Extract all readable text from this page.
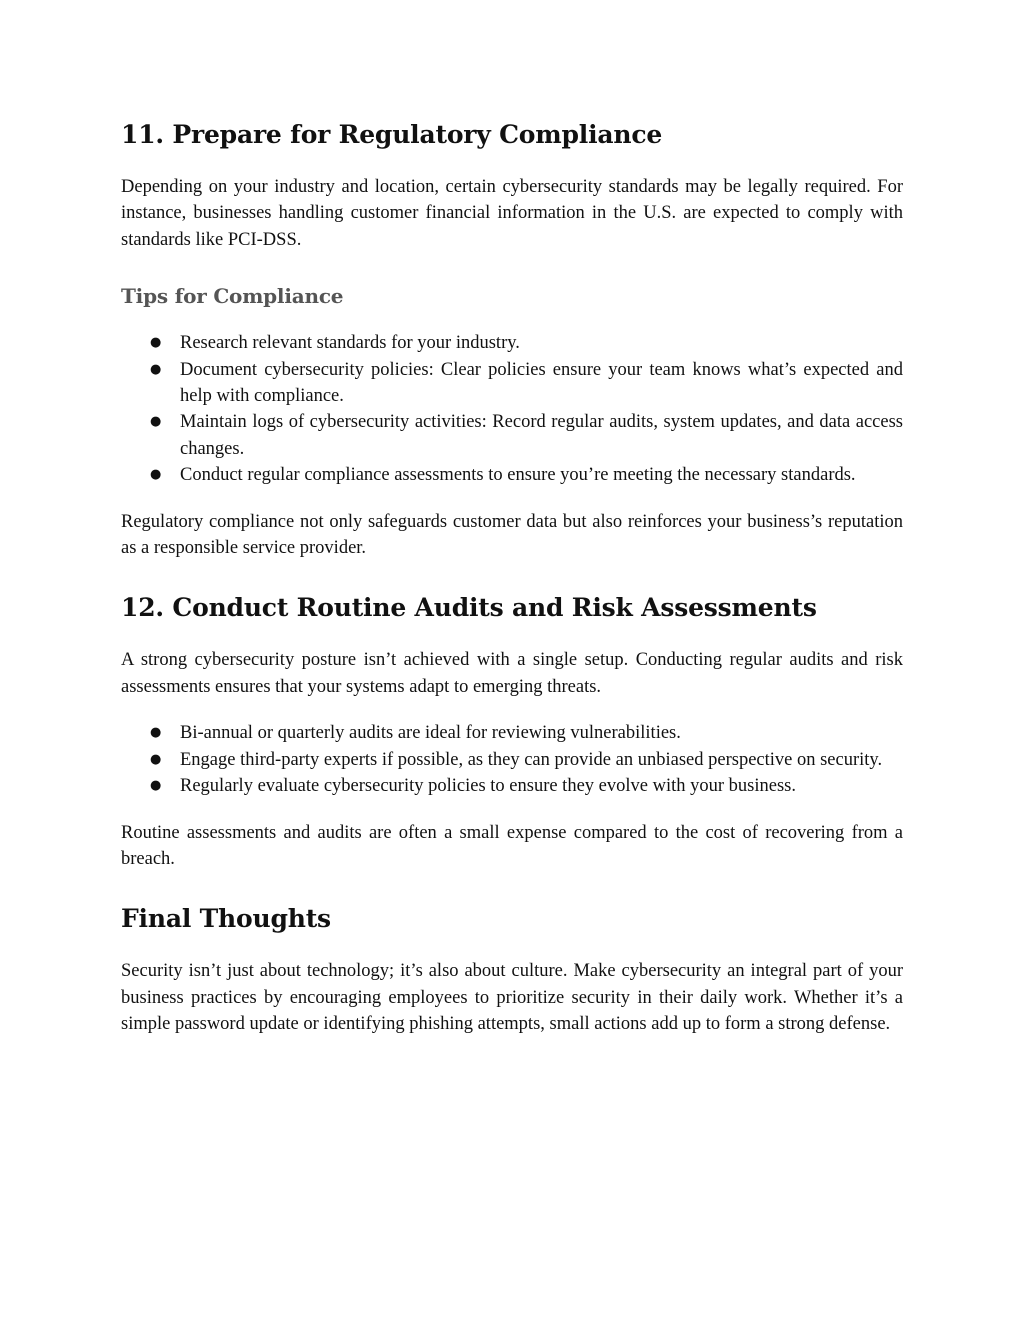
11. Prepare for Regulatory Compliance

Depending on your industry and location, certain cybersecurity standards may be legally required. For instance, businesses handling customer financial information in the U.S. are expected to comply with standards like PCI-DSS.

Tips for Compliance
● Research relevant standards for your industry.
● Document cybersecurity policies: Clear policies ensure your team knows what’s expected and help with compliance.
● Maintain logs of cybersecurity activities: Record regular audits, system updates, and data access changes.
● Conduct regular compliance assessments to ensure you’re meeting the necessary standards.

Regulatory compliance not only safeguards customer data but also reinforces your business’s reputation as a responsible service provider.

12. Conduct Routine Audits and Risk Assessments

A strong cybersecurity posture isn’t achieved with a single setup. Conducting regular audits and risk assessments ensures that your systems adapt to emerging threats.

● Bi-annual or quarterly audits are ideal for reviewing vulnerabilities.
● Engage third-party experts if possible, as they can provide an unbiased perspective on security.
● Regularly evaluate cybersecurity policies to ensure they evolve with your business.

Routine assessments and audits are often a small expense compared to the cost of recovering from a breach.

Final Thoughts

Security isn’t just about technology; it’s also about culture. Make cybersecurity an integral part of your business practices by encouraging employees to prioritize security in their daily work. Whether it’s a simple password update or identifying phishing attempts, small actions add up to form a strong defense.
